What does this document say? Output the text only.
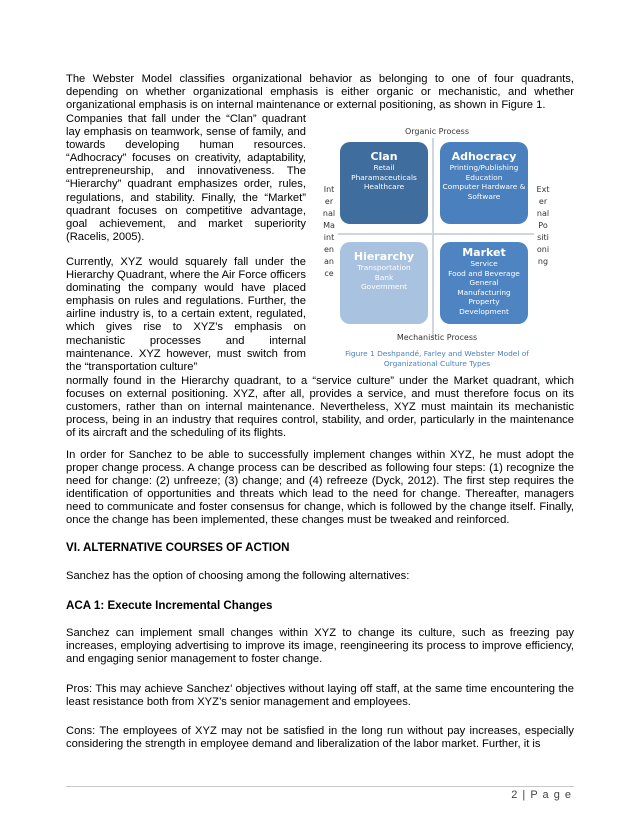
The Webster Model classifies organizational behavior as belonging to one of four quadrants, depending on whether organizational emphasis is either organic or mechanistic, and whether organizational emphasis is on internal maintenance or external positioning, as shown in Figure 1.

Companies that fall under the “Clan” quadrant lay emphasis on teamwork, sense of family, and towards developing human resources. “Adhocracy” focuses on creativity, adaptability, entrepreneurship, and innovativeness. The “Hierarchy” quadrant emphasizes order, rules, regulations, and stability. Finally, the “Market” quadrant focuses on competitive advantage, goal achievement, and market superiority (Racelis, 2005).

Currently, XYZ would squarely fall under the Hierarchy Quadrant, where the Air Force officers dominating the company would have placed emphasis on rules and regulations. Further, the airline industry is, to a certain extent, regulated, which gives rise to XYZ’s emphasis on mechanistic processes and internal maintenance. XYZ however, must switch from the “transportation culture”

normally found in the Hierarchy quadrant, to a “service culture” under the Market quadrant, which focuses on external positioning. XYZ, after all, provides a service, and must therefore focus on its customers, rather than on internal maintenance. Nevertheless, XYZ must maintain its mechanistic process, being in an industry that requires control, stability, and order, particularly in the maintenance of its aircraft and the scheduling of its flights.

Organic Process
Int
er
nal
Ma
int
en
an
ce
Ext
er
nal
Po
siti
oni
ng
Clan
Retail
Pharamaceuticals
Healthcare
Adhocracy
Printing/Publishing
Education
Computer Hardware &
Software
Hierarchy
Transportation
Bank
Government
Market
Service
Food and Beverage
General
Manufacturing
Property
Development
Mechanistic Process
Figure 1 Deshpandé, Farley and Webster Model of
Organizational Culture Types

In order for Sanchez to be able to successfully implement changes within XYZ, he must adopt the proper change process. A change process can be described as following four steps: (1) recognize the need for change: (2) unfreeze; (3) change; and (4) refreeze (Dyck, 2012). The first step requires the identification of opportunities and threats which lead to the need for change. Thereafter, managers need to communicate and foster consensus for change, which is followed by the change itself. Finally, once the change has been implemented, these changes must be tweaked and reinforced.

VI. ALTERNATIVE COURSES OF ACTION

Sanchez has the option of choosing among the following alternatives:

ACA 1: Execute Incremental Changes

Sanchez can implement small changes within XYZ to change its culture, such as freezing pay increases, employing advertising to improve its image, reengineering its process to improve efficiency, and engaging senior management to foster change.

Pros: This may achieve Sanchez’ objectives without laying off staff, at the same time encountering the least resistance both from XYZ’s senior management and employees.

Cons: The employees of XYZ may not be satisfied in the long run without pay increases, especially considering the strength in employee demand and liberalization of the labor market. Further, it is

2 | P a g e
